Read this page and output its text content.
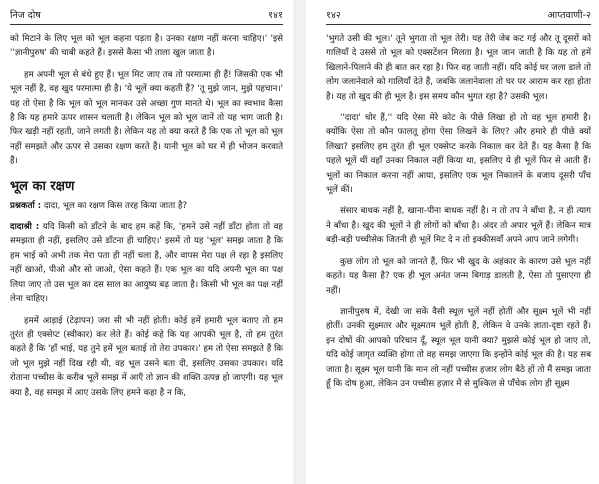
निज दोष	१४१

को मिटाने के लिए भूल को भूल कहना पड़ता है। उनका रक्षण नहीं करना चाहिए।' 'इसे ''ज्ञानीपुरुष' की चाबी कहते हैं। इससे कैसा भी ताला खुल जाता है।

हम अपनी भूल से बंधे हुए हैं। भूल मिट जाए तब तो परमात्मा ही हैं! जिसकी एक भी भूल नहीं है, वह खुद परमात्मा ही है। 'ये भूलें क्या कहती हैं? 'तू मुझे जान, मुझे पहचान।' यह तो ऐसा है कि भूल को भूल मानकर उसे अच्छा गुण मानते थे। भूल का स्वभाव कैसा है कि यह हमारे ऊपर शासन चलाती है। लेकिन भूल को भूल जानें तो यह भाग जाती है। फिर खड़ी नहीं रहती, जाने लगती है। लेकिन यह तो क्या करते हैं कि एक तो भूल को भूल नहीं समझते और ऊपर से उसका रक्षण करते हैं। यानी भूल को घर में ही भोजन करवाते हैं।

भूल का रक्षण

प्रश्नकर्ता : दादा, भूल का रक्षण किस तरह किया जाता है?

दादाश्री : यदि किसी को डाँटने के बाद हम कहें कि, 'हमने उसे नहीं डाँटा होता तो वह समझता ही नहीं, इसलिए उसे डाँटना ही चाहिए।' इसमें तो यह 'भूल' समझ जाता है कि हम भाई को अभी तक मेरा पता ही नहीं चला है, और वापस मेरा पक्ष ले रहा है इसलिए नहीं खाओ, पीओ और सो जाओ, ऐसा कहते हैं। एक भूल का यदि अपनी भूल का पक्ष लिया जाए तो उस भूल का दस साल का आयुष्य बढ़ जाता है। किसी भी भूल का पक्ष नहीं लेना चाहिए।

हममें आड़ाई (टेढ़ापन) जरा सी भी नहीं होती। कोई हमें हमारी भूल बताए तो हम तुरंत ही एक्सेप्ट (स्वीकार) कर लेते हैं। कोई कहे कि यह आपकी भूल है, तो हम तुरंत कहते हैं कि 'हाँ भाई, यह तुने हमें भूल बताई तो तेरा उपकार।' हम तो ऐसा समझते हैं कि जो भूल मुझे नहीं दिख रही थी, वह भूल उसने बता दी, इसलिए उसका उपकार। यदि रोताना पच्चीस के करीब भूलें समझ में आएँ तो ज्ञान की शक्ति उत्पन्न हो जाएगी। यह भूल क्या है, वह समझ में आए उसके लिए हमने कहा है न कि,

१४२	आप्तवाणी-२

'भुगते उसी की भूल।' तूने भुगता तो भूल तेरी। यह तेरी जेब कट गई और तू दूसरों को गालियाँ दे उससे तो भूल को एक्सटेंशन मिलता है। भूल जान जाती है कि यह तो हमें खिलाने-पिलाने की ही बात कर रहा है। फिर वह जाती नहीं। यदि कोई घर जला डाले तो लोग जलानेवाले को गालियाँ देते हैं, जबकि जलानेवाला तो घर पर आराम कर रहा होता है। यह तो खुद की ही भूल है। इस समय कौन भुगत रहा है? उसकी भूल।

''दादा' चोर हैं,'' यदि ऐसा मेरे कोट के पीछे लिखा हो तो वह भूल हमारी है। क्योंकि ऐसा तो कौन फालतू होगा ऐसा लिखने के लिए? और हमारे ही पीछे क्यों लिखा? इसलिए हम तुरंत ही भूल एक्सेप्ट करके निकाल कर देते हैं। यह कैसा है कि पहले भूलें थीं वहाँ उनका निकाल नहीं किया था, इसलिए ये ही भूलें फिर से आती हैं। भूलों का निकाल करना नहीं आया, इसलिए एक भूल निकालने के बजाय दूसरी पाँच भूलें कीं।

संसार बाधक नहीं है, खाना-पीना बाधक नहीं है। न तो तप ने बाँधा है, न ही त्याग ने बाँधा है। खुद की भूलों ने ही लोगों को बाँधा है। अंदर तो अपार भूलें हैं। लेकिन मात्र बड़ी-बड़ी पच्चीसेक जितनी ही भूलें मिट दे न तो इक्कीसवाँ अपने आप जाने लगेगी।

कुछ लोग तो भूल को जानते हैं, फिर भी खुद के अहंकार के कारण उसे भूल नहीं कहते। यह कैसा है? एक ही भूल अनंत जन्म बिगाड़ डालती है, ऐसा तो पुसाएगा ही नहीं।

ज्ञानीपुरुष में, देखी जा सकें वैसी स्थूल भूलें नहीं होतीं और सूक्ष्म भूलें भी नहीं होतीं। उनकी सूक्ष्मतर और सूक्ष्मतम भूलें होती हैं, लेकिन वे उनके ज्ञाता-दृष्टा रहते हैं। इन दोषों की आपको परिचान दूँ, स्थूल भूल यानी क्या? मुझसे कोई भूल हो जाए तो, यदि कोई जागृत व्यक्ति होगा तो वह समझ जाएगा कि इन्होंने कोई भूल की है। यह सब जाता है। सूक्ष्म भूल यानी कि मान लो नहीं पच्चीस हजार लोग बैठे हों तो मैं समझ जाता हूँ कि दोष हुआ, लेकिन उन पच्चीस हज़ार में से मुश्किल से पाँचेक लोग ही सूक्ष्म
